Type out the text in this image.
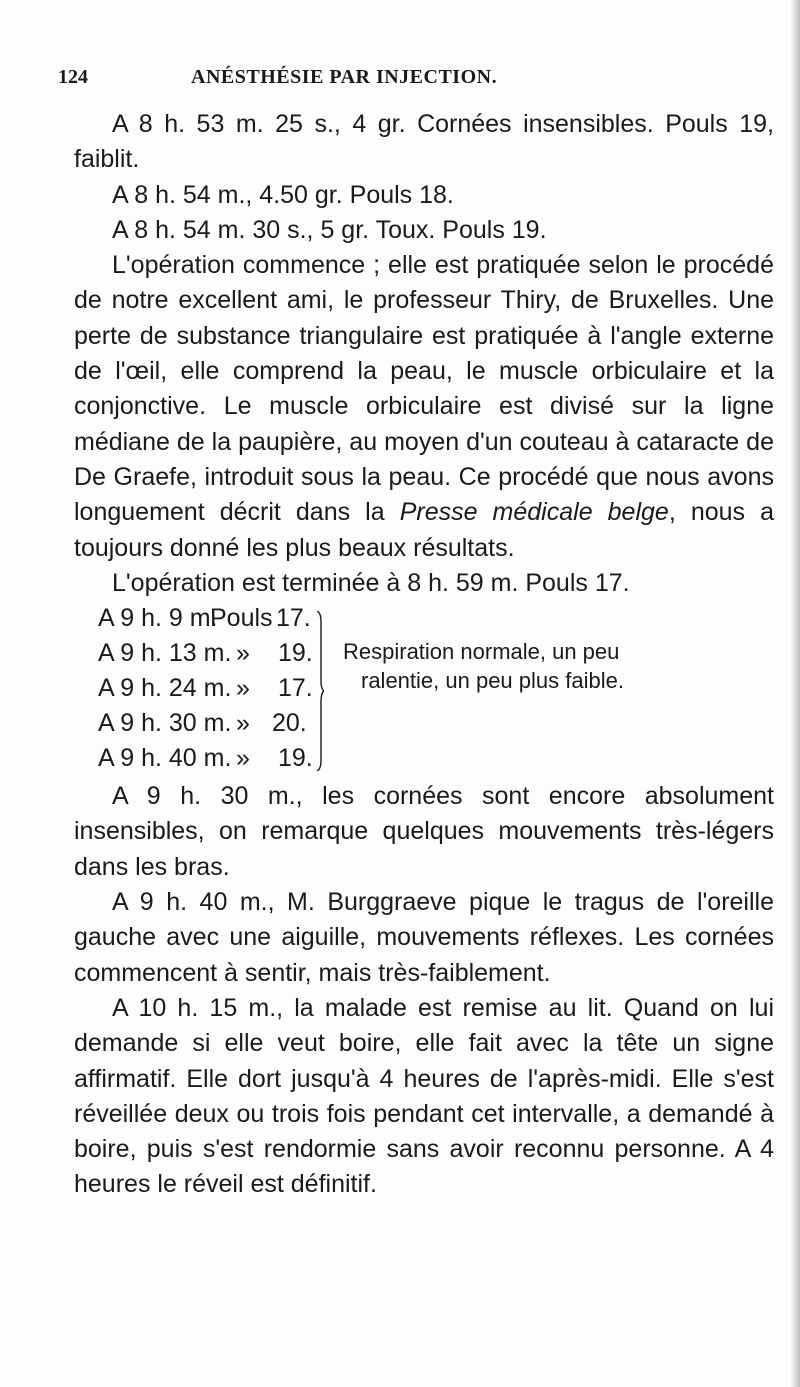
124	ANÉSTHÉSIE PAR INJECTION.

A 8 h. 53 m. 25 s., 4 gr. Cornées insensibles. Pouls 19, faiblit.

A 8 h. 54 m., 4.50 gr. Pouls 18.

A 8 h. 54 m. 30 s., 5 gr. Toux. Pouls 19.

L'opération commence ; elle est pratiquée selon le procédé de notre excellent ami, le professeur Thiry, de Bruxelles. Une perte de substance triangulaire est pratiquée à l'angle externe de l'œil, elle comprend la peau, le muscle orbiculaire et la conjonctive. Le muscle orbiculaire est divisé sur la ligne médiane de la paupière, au moyen d'un couteau à cataracte de De Graefe, introduit sous la peau. Ce procédé que nous avons longuement décrit dans la Presse médicale belge, nous a toujours donné les plus beaux résultats.

L'opération est terminée à 8 h. 59 m. Pouls 17.

A 9 h. 9 m.
Pouls 17.
A 9 h. 13 m. » 19.
A 9 h. 24 m. » 17.
A 9 h. 30 m. » 20.
A 9 h. 40 m. » 19.
Respiration normale, un peu
ralentie, un peu plus faible.

A 9 h. 30 m., les cornées sont encore absolument insensibles, on remarque quelques mouvements très-légers dans les bras.

A 9 h. 40 m., M. Burggraeve pique le tragus de l'oreille gauche avec une aiguille, mouvements réflexes. Les cornées commencent à sentir, mais très-faiblement.

A 10 h. 15 m., la malade est remise au lit. Quand on lui demande si elle veut boire, elle fait avec la tête un signe affirmatif. Elle dort jusqu'à 4 heures de l'après-midi. Elle s'est réveillée deux ou trois fois pendant cet intervalle, a demandé à boire, puis s'est rendormie sans avoir reconnu personne. A 4 heures le réveil est définitif.
